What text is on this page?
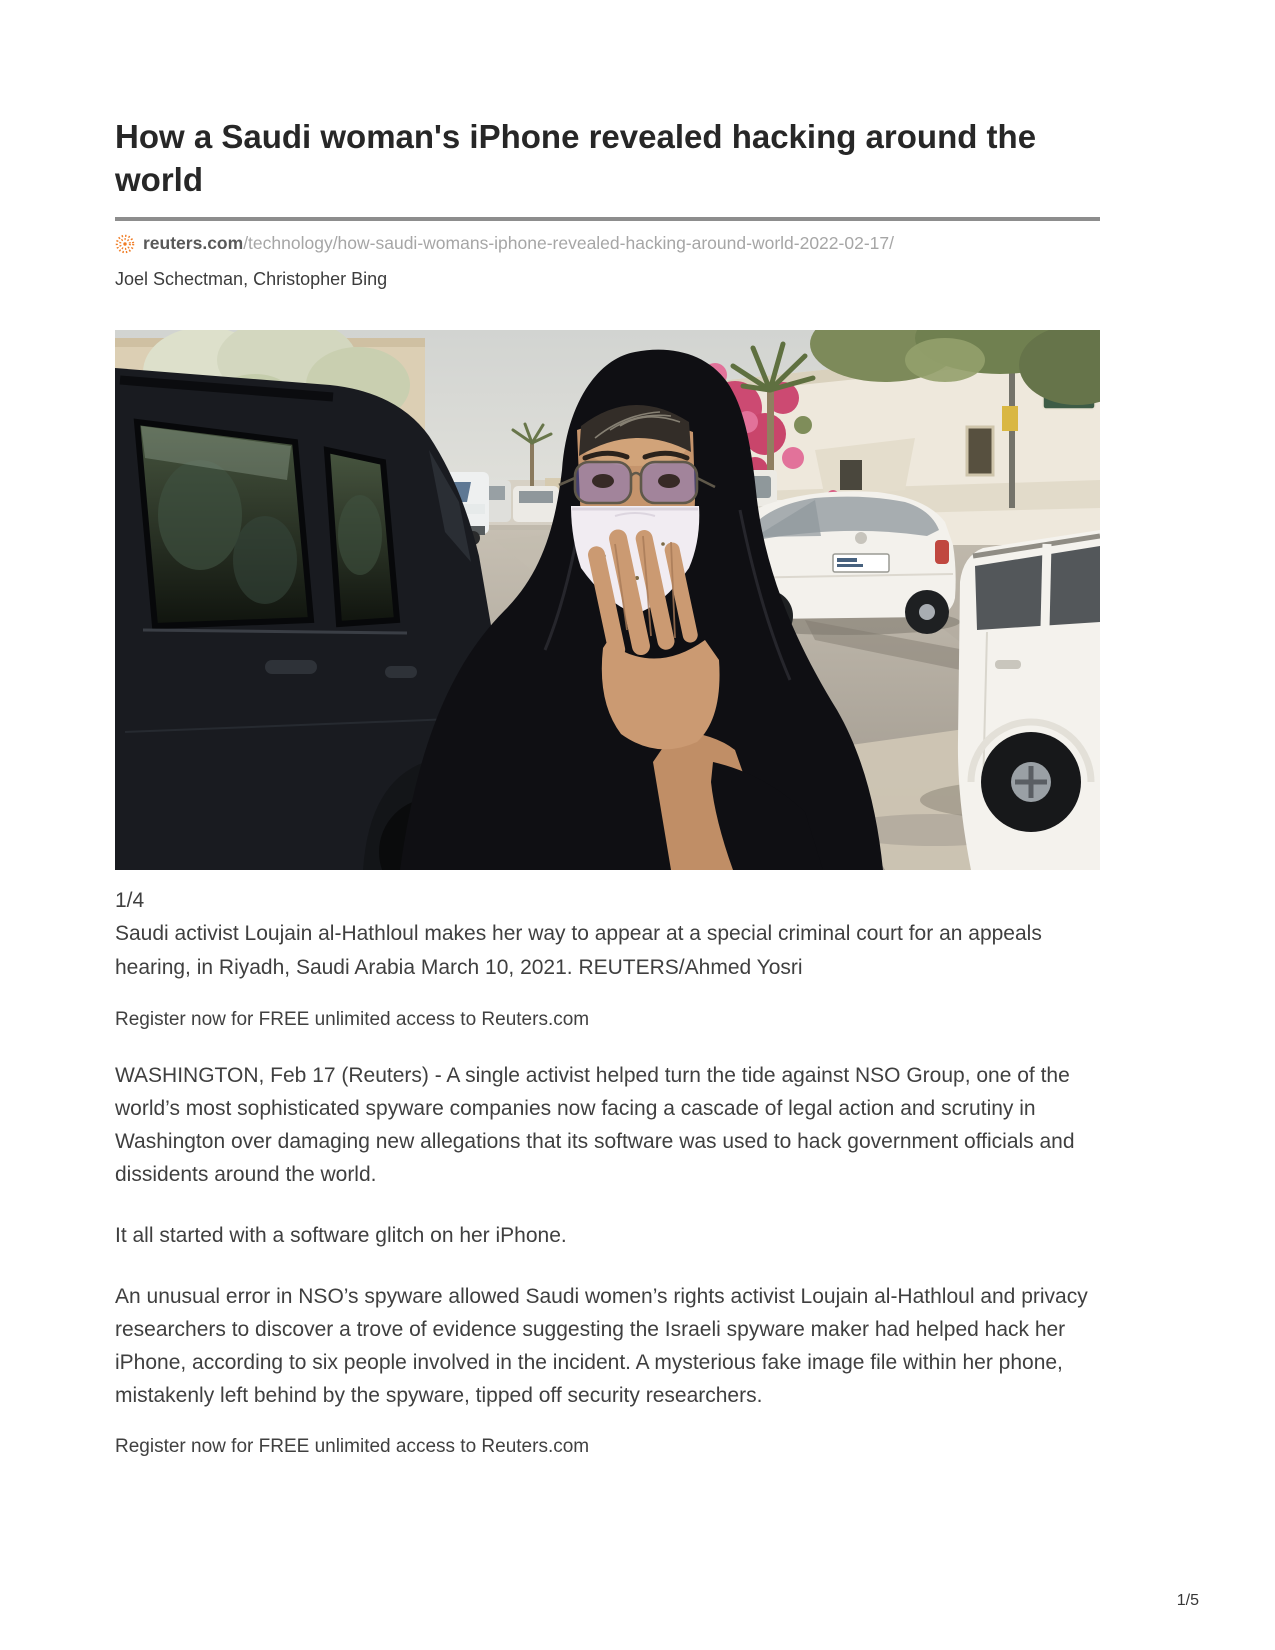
How a Saudi woman's iPhone revealed hacking around the world
reuters.com /technology/how-saudi-womans-iphone-revealed-hacking-around-world-2022-02-17/
Joel Schectman, Christopher Bing
1/4
Saudi activist Loujain al-Hathloul makes her way to appear at a special criminal court for an appeals hearing, in Riyadh, Saudi Arabia March 10, 2021. REUTERS/Ahmed Yosri
Register now for FREE unlimited access to Reuters.com

WASHINGTON, Feb 17 (Reuters) - A single activist helped turn the tide against NSO Group, one of the world’s most sophisticated spyware companies now facing a cascade of legal action and scrutiny in Washington over damaging new allegations that its software was used to hack government officials and dissidents around the world.

It all started with a software glitch on her iPhone.

An unusual error in NSO’s spyware allowed Saudi women’s rights activist Loujain al-Hathloul and privacy researchers to discover a trove of evidence suggesting the Israeli spyware maker had helped hack her iPhone, according to six people involved in the incident. A mysterious fake image file within her phone, mistakenly left behind by the spyware, tipped off security researchers.

Register now for FREE unlimited access to Reuters.com
1/5
